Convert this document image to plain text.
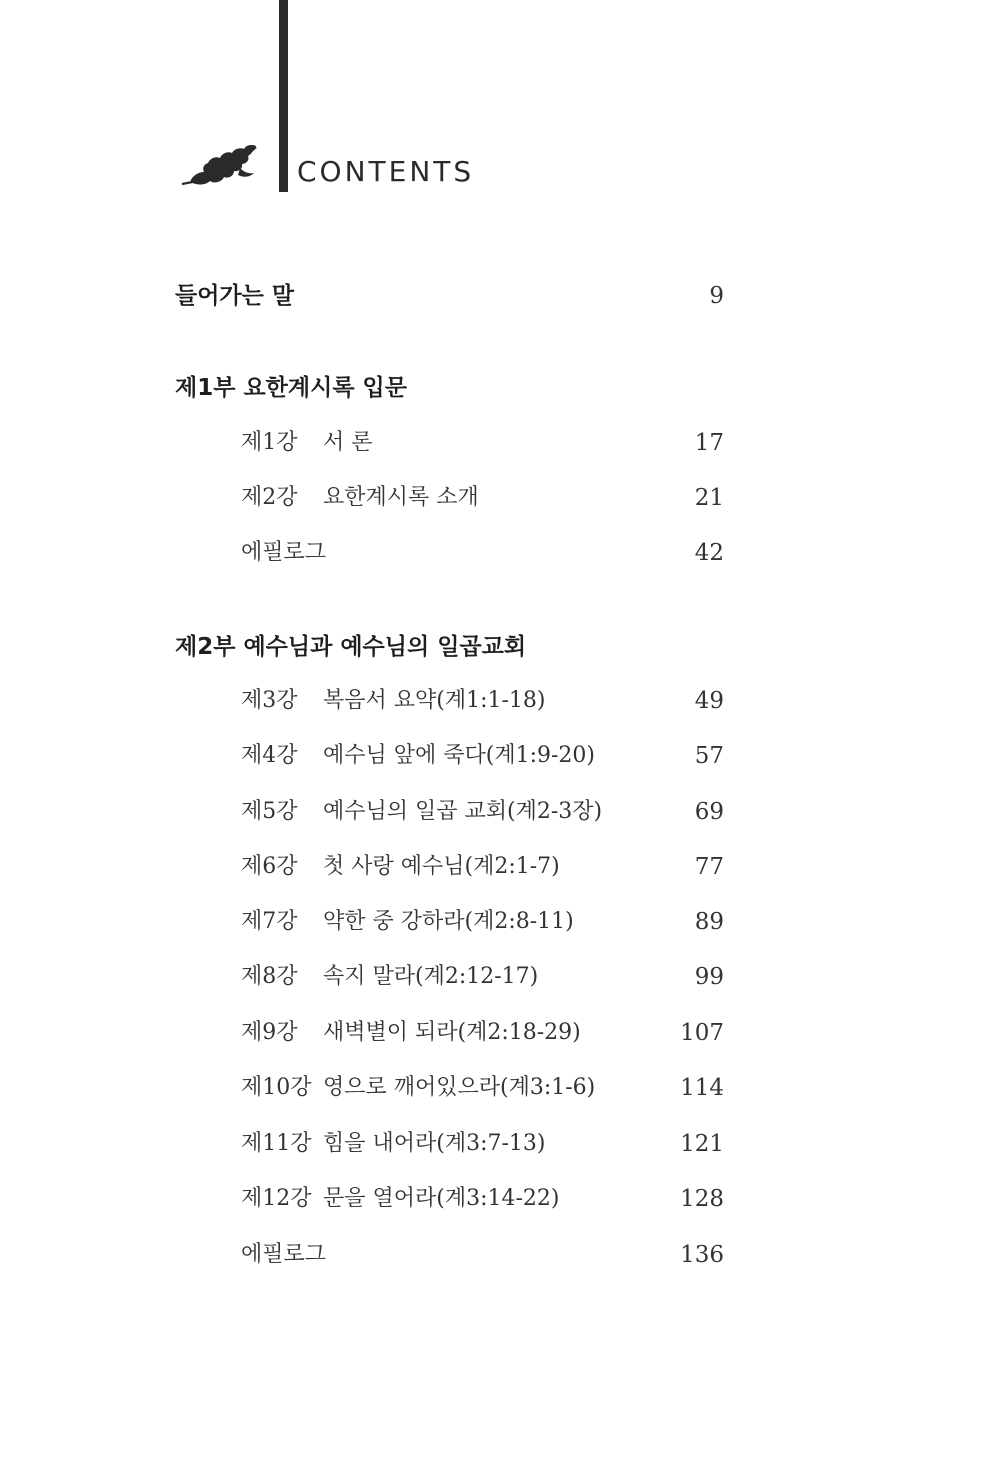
CONTENTS
들어가는 말	9
제1부 요한계시록 입문
제1강 서 론	17
제2강 요한계시록 소개	21
에필로그	42
제2부 예수님과 예수님의 일곱교회
제3강 복음서 요약(계1:1-18)	49
제4강 예수님 앞에 죽다(계1:9-20)	57
제5강 예수님의 일곱 교회(계2-3장)	69
제6강 첫 사랑 예수님(계2:1-7)	77
제7강 약한 중 강하라(계2:8-11)	89
제8강 속지 말라(계2:12-17)	99
제9강 새벽별이 되라(계2:18-29)	107
제10강 영으로 깨어있으라(계3:1-6)	114
제11강 힘을 내어라(계3:7-13)	121
제12강 문을 열어라(계3:14-22)	128
에필로그	136
